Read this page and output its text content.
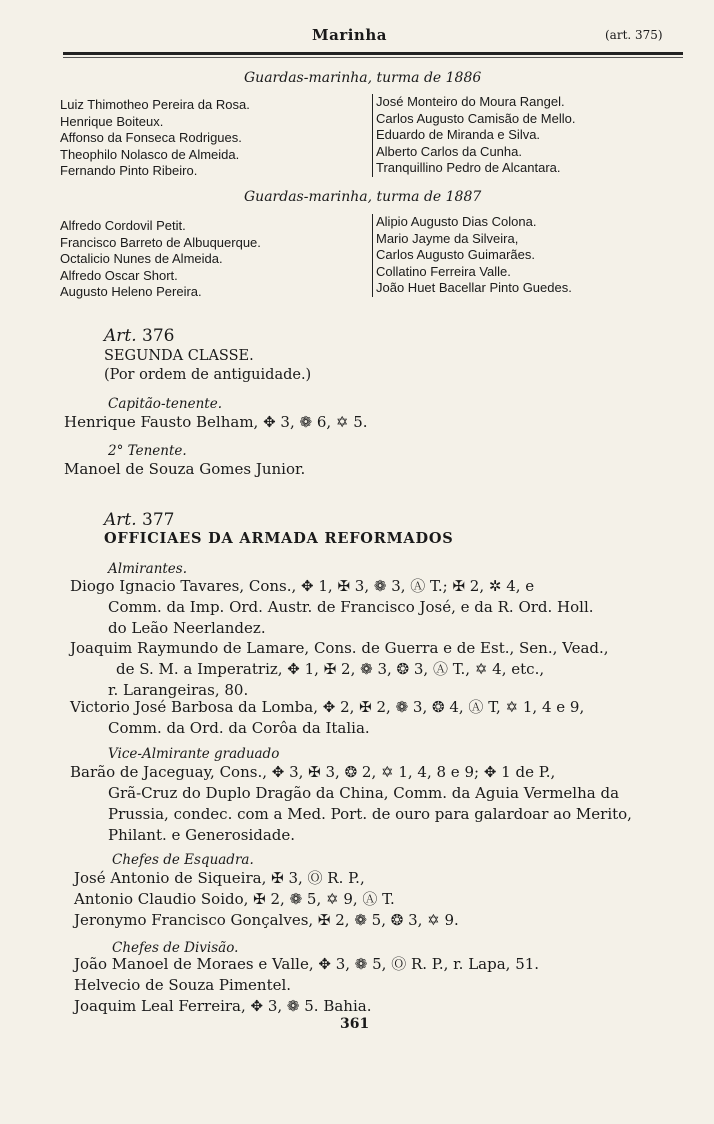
Marinha	(art. 375)
Guardas-marinha, turma de 1886
Luiz Thimotheo Pereira da Rosa.
Henrique Boiteux.
Affonso da Fonseca Rodrigues.
Theophilo Nolasco de Almeida.
Fernando Pinto Ribeiro.
José Monteiro do Moura Rangel.
Carlos Augusto Camisão de Mello.
Eduardo de Miranda e Silva.
Alberto Carlos da Cunha.
Tranquillino Pedro de Alcantara.
Guardas-marinha, turma de 1887
Alfredo Cordovil Petit.
Francisco Barreto de Albuquerque.
Octalicio Nunes de Almeida.
Alfredo Oscar Short.
Augusto Heleno Pereira.
Alipio Augusto Dias Colona.
Mario Jayme da Silveira,
Carlos Augusto Guimarães.
Collatino Ferreira Valle.
João Huet Bacellar Pinto Guedes.
Art. 376
SEGUNDA CLASSE.
(Por ordem de antiguidade.)
Capitão-tenente.
Henrique Fausto Belham, ✥ 3, ❁ 6, ✡ 5.
2° Tenente.
Manoel de Souza Gomes Junior.
Art. 377
OFFICIAES DA ARMADA REFORMADOS
Almirantes.
Diogo Ignacio Tavares, Cons., ✥ 1, ✠ 3, ❁ 3, Ⓐ T.; ✠ 2, ✲ 4, e
Comm. da Imp. Ord. Austr. de Francisco José, e da R. Ord. Holl.
do Leão Neerlandez.
Joaquim Raymundo de Lamare, Cons. de Guerra e de Est., Sen., Vead.,
de S. M. a Imperatriz, ✥ 1, ✠ 2, ❁ 3, ❂ 3, Ⓐ T., ✡ 4, etc.,
r. Larangeiras, 80.
Victorio José Barbosa da Lomba, ✥ 2, ✠ 2, ❁ 3, ❂ 4, Ⓐ T, ✡ 1, 4 e 9,
Comm. da Ord. da Corôa da Italia.
Vice-Almirante graduado
Barão de Jaceguay, Cons., ✥ 3, ✠ 3, ❂ 2, ✡ 1, 4, 8 e 9; ✥ 1 de P.,
Grã-Cruz do Duplo Dragão da China, Comm. da Aguia Vermelha da
Prussia, condec. com a Med. Port. de ouro para galardoar ao Merito,
Philant. e Generosidade.
Chefes de Esquadra.
José Antonio de Siqueira, ✠ 3, Ⓞ R. P.,
Antonio Claudio Soido, ✠ 2, ❁ 5, ✡ 9, Ⓐ T.
Jeronymo Francisco Gonçalves, ✠ 2, ❁ 5, ❂ 3, ✡ 9.
Chefes de Divisão.
João Manoel de Moraes e Valle, ✥ 3, ❁ 5, Ⓞ R. P., r. Lapa, 51.
Helvecio de Souza Pimentel.
Joaquim Leal Ferreira, ✥ 3, ❁ 5. Bahia.
361
